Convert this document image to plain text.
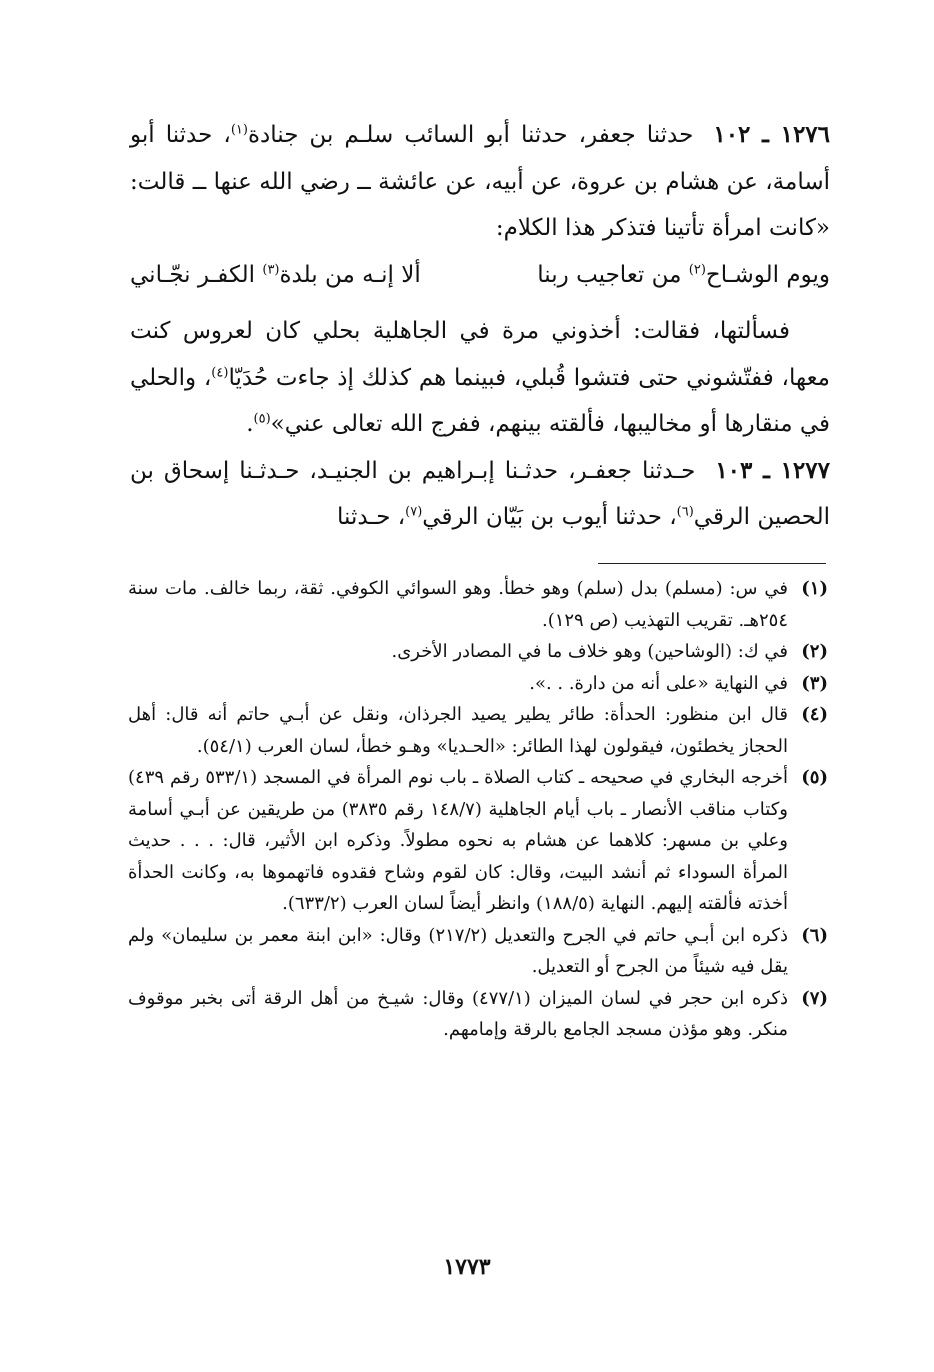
١٢٧٦ ـ ١٠٢حدثنا جعفر، حدثنا أبو السائب سلـم بن جنادة$^{(١)}$، حدثنا أبو أسامة، عن هشام بن عروة، عن أبيه، عن عائشة ــ رضي الله عنها ــ قالت: «كانت امرأة تأتينا فتذكر هذا الكلام:

ويوم الوشـاح$^{(٢)}$ من تعاجيب ربنا
ألا إنـه من بلدة$^{(٣)}$ الكفـر نجّـاني

فسألتها، فقالت: أخذوني مرة في الجاهلية بحلي كان لعروس كنت معها، ففتّشوني حتى فتشوا قُبلي، فبينما هم كذلك إذ جاءت حُدَيّا$^{(٤)}$، والحلي في منقارها أو مخاليبها، فألقته بينهم، ففرج الله تعالى عني»$^{(٥)}$.

١٢٧٧ ـ ١٠٣حـدثنا جعفـر، حدثـنا إبـراهيم بن الجنيـد، حـدثـنا إسحاق بن الحصين الرقي$^{(٦)}$، حدثنا أيوب بن بَيّان الرقي$^{(٧)}$، حـدثنا

(١)
في س: (مسلم) بدل (سلم) وهو خطأ. وهو السوائي الكوفي. ثقة، ربما خالف. مات سنة ٢٥٤هـ. تقريب التهذيب (ص ١٢٩).
(٢)
في ك: (الوشاحين) وهو خلاف ما في المصادر الأخرى.
(٣)
في النهاية «على أنه من دارة. . .».
(٤)
قال ابن منظور: الحدأة: طائر يطير يصيد الجرذان، ونقل عن أبـي حاتم أنه قال: أهل الحجاز يخطئون، فيقولون لهذا الطائر: «الحـديا» وهـو خطأ، لسان العرب (٥٤/١).
(٥)
أخرجه البخاري في صحيحه ـ كتاب الصلاة ـ باب نوم المرأة في المسجد (٥٣٣/١ رقم ٤٣٩) وكتاب مناقب الأنصار ـ باب أيام الجاهلية (١٤٨/٧ رقم ٣٨٣٥) من طريقين عن أبـي أسامة وعلي بن مسهر: كلاهما عن هشام به نحوه مطولاً. وذكره ابن الأثير، قال: . . . حديث المرأة السوداء ثم أنشد البيت، وقال: كان لقوم وشاح فقدوه فاتهموها به، وكانت الحدأة أخذته فألقته إليهم. النهاية (١٨٨/٥) وانظر أيضاً لسان العرب (٦٣٣/٢).
(٦)
ذكره ابن أبـي حاتم في الجرح والتعديل (٢١٧/٢) وقال: «ابن ابنة معمر بن سليمان» ولم يقل فيه شيئاً من الجرح أو التعديل.
(٧)
ذكره ابن حجر في لسان الميزان (٤٧٧/١) وقال: شيـخ من أهل الرقة أتى بخبر موقوف منكر. وهو مؤذن مسجد الجامع بالرقة وإمامهم.
١٧٧٣
